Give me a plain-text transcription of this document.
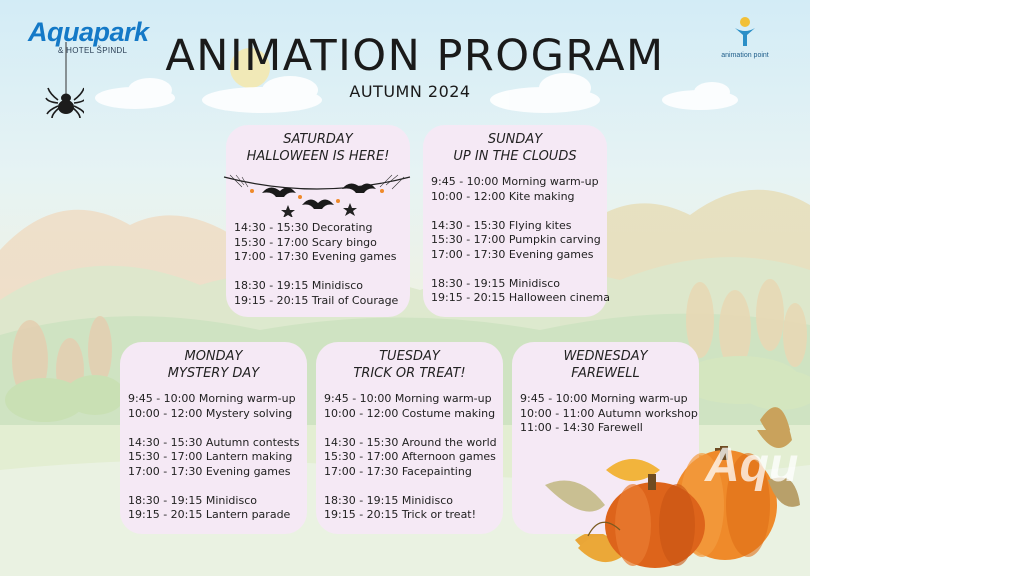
Aquapark
& HOTEL ŠPINDL ANIMATION PROGRAM
AUTUMN 2024
animation point
SATURDAY
HALLOWEEN IS HERE!
14:30 - 15:30 Decorating
15:30 - 17:00 Scary bingo
17:00 - 17:30 Evening games
18:30 - 19:15 Minidisco
19:15 - 20:15 Trail of Courage
SUNDAY
UP IN THE CLOUDS
9:45 - 10:00 Morning warm-up
10:00 - 12:00 Kite making
14:30 - 15:30 Flying kites
15:30 - 17:00 Pumpkin carving
17:00 - 17:30 Evening games
18:30 - 19:15 Minidisco
19:15 - 20:15 Halloween cinema
MONDAY
MYSTERY DAY
9:45 - 10:00 Morning warm-up
10:00 - 12:00 Mystery solving
14:30 - 15:30 Autumn contests
15:30 - 17:00 Lantern making
17:00 - 17:30 Evening games
18:30 - 19:15 Minidisco
19:15 - 20:15 Lantern parade
TUESDAY
TRICK OR TREAT!
9:45 - 10:00 Morning warm-up
10:00 - 12:00 Costume making
14:30 - 15:30 Around the world
15:30 - 17:00 Afternoon games
17:00 - 17:30 Facepainting
18:30 - 19:15 Minidisco
19:15 - 20:15 Trick or treat!
WEDNESDAY
FAREWELL
9:45 - 10:00 Morning warm-up
10:00 - 11:00 Autumn workshop
11:00 - 14:30 Farewell
Aqu
